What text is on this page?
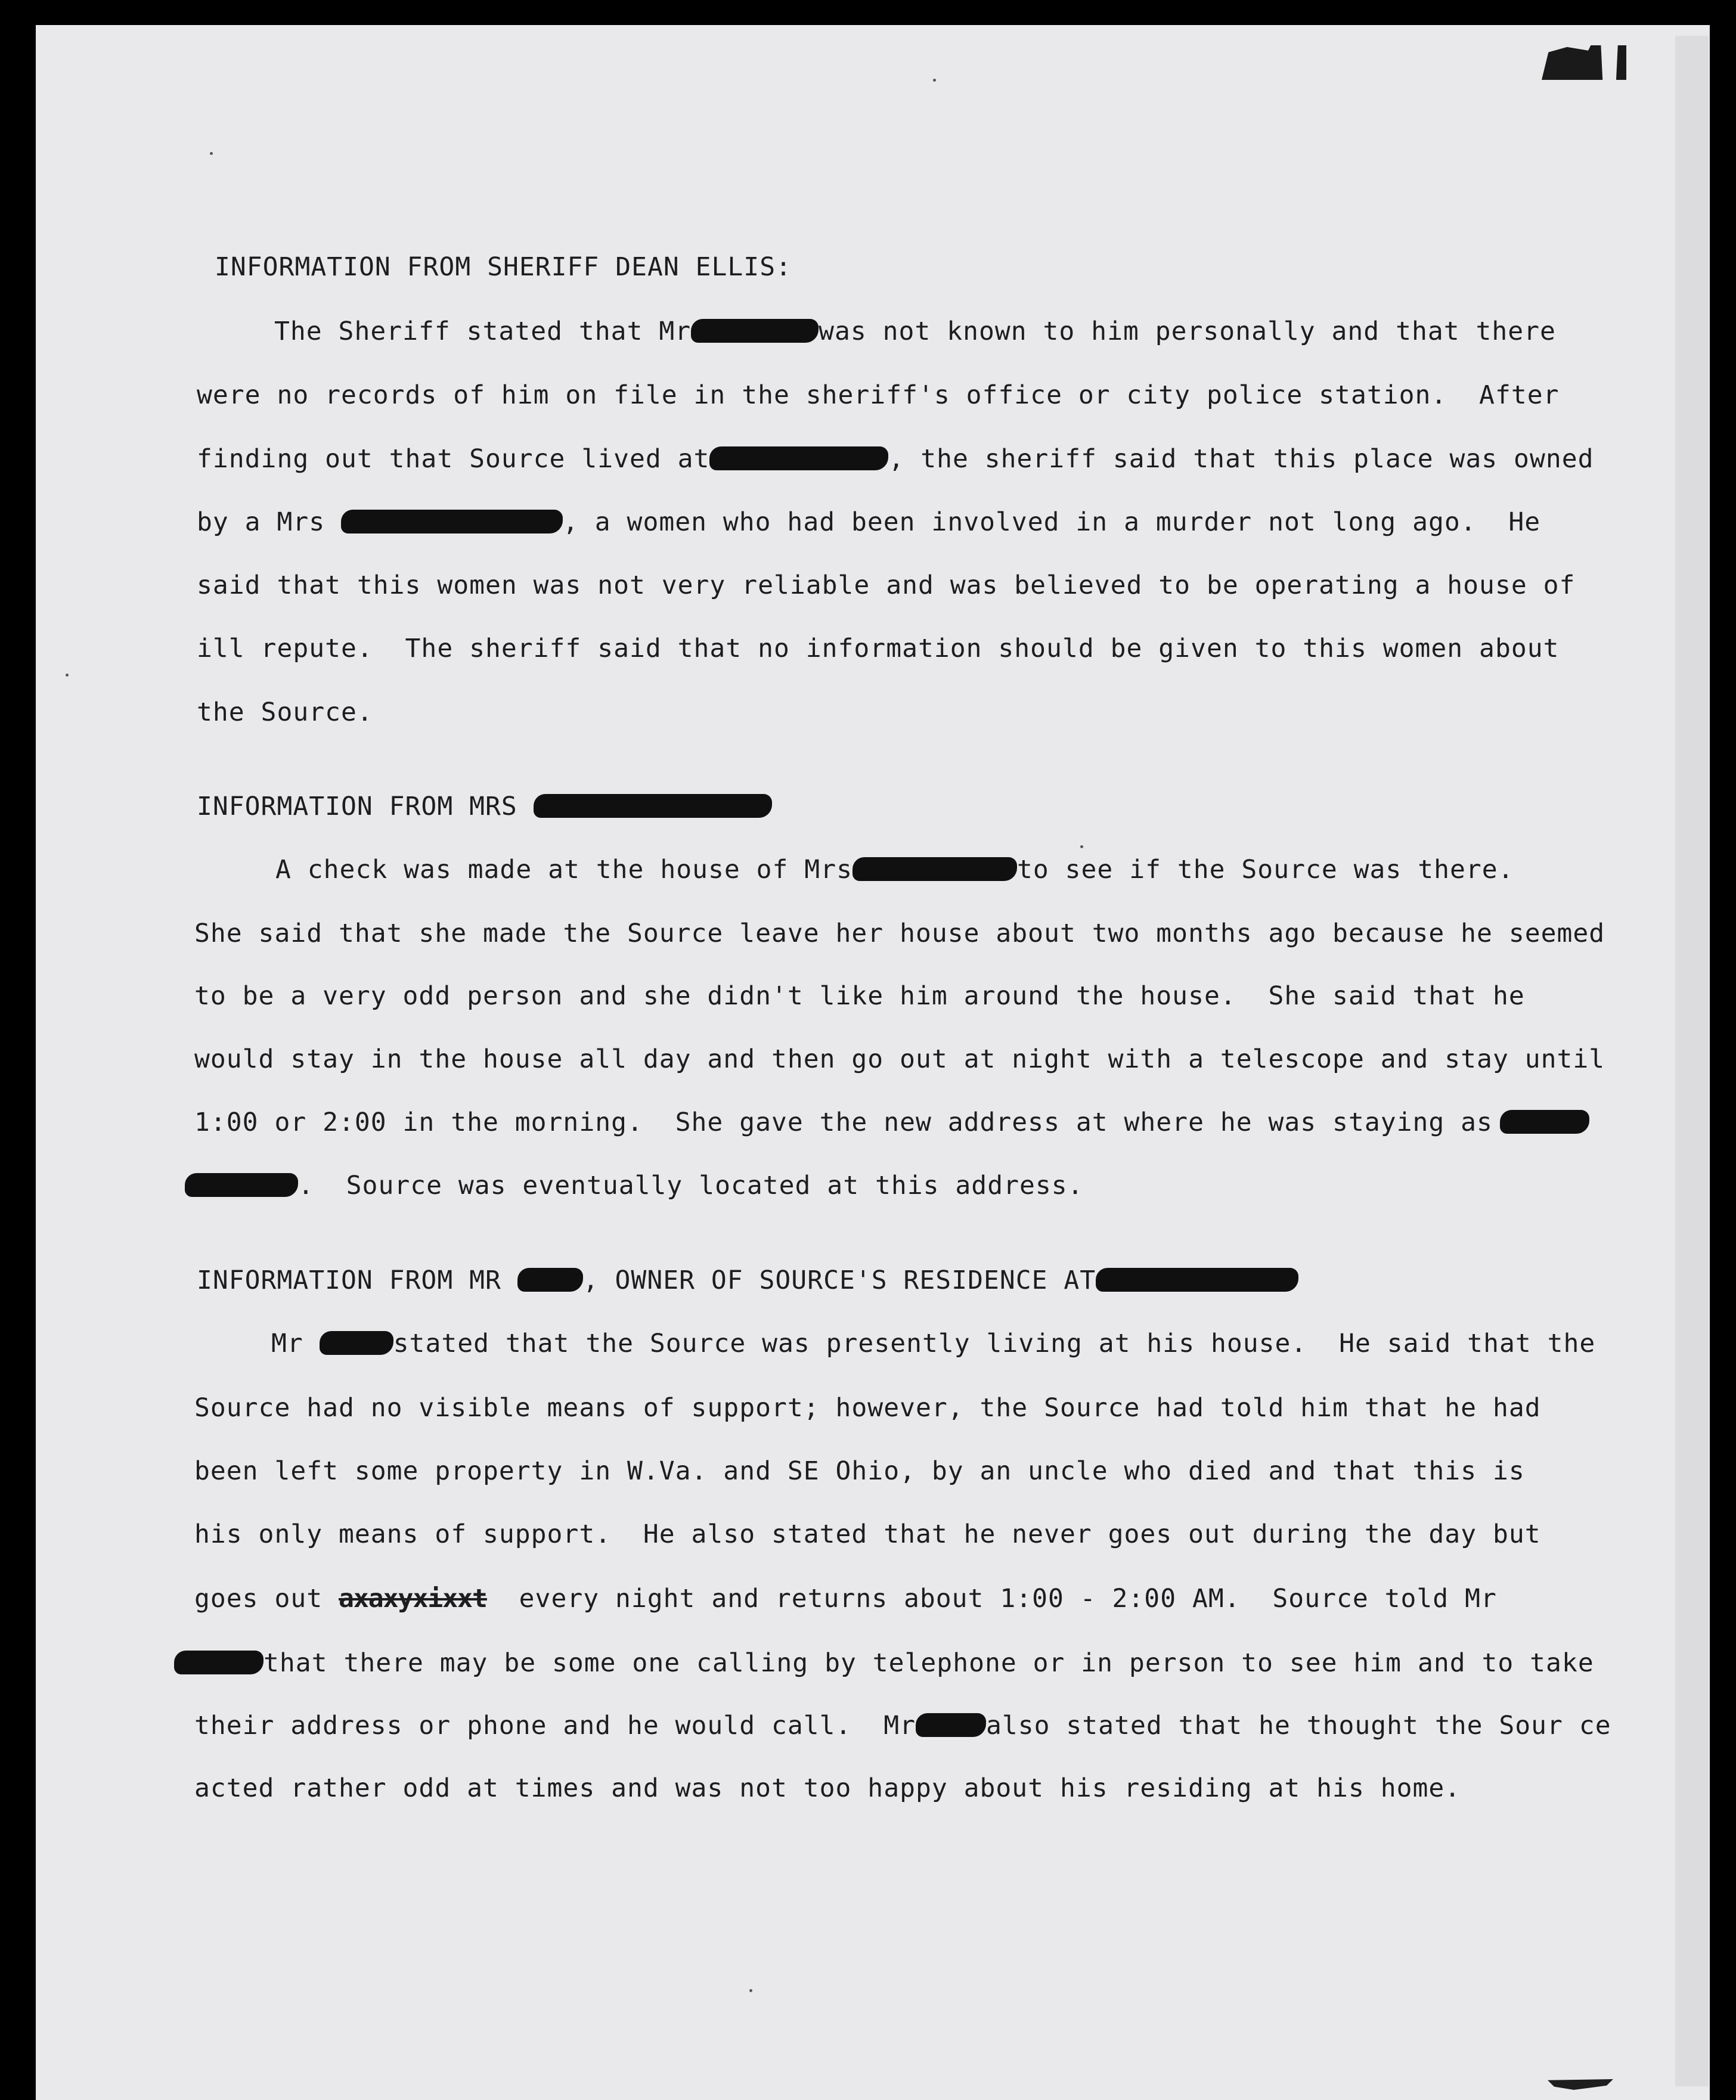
INFORMATION FROM SHERIFF DEAN ELLIS:
The Sheriff stated that Mr	was not known to him personally and that there
were no records of him on file in the sheriff's office or city police station.  After
finding out that Source lived at	, the sheriff said that this place was owned
by a Mrs	, a women who had been involved in a murder not long ago.  He
said that this women was not very reliable and was believed to be operating a house of
ill repute.  The sheriff said that no information should be given to this women about
the Source.
INFORMATION FROM MRS
A check was made at the house of Mrs	to see if the Source was there.
She said that she made the Source leave her house about two months ago because he seemed
to be a very odd person and she didn't like him around the house.  She said that he
would stay in the house all day and then go out at night with a telescope and stay until
1:00 or 2:00 in the morning.  She gave the new address at where he was staying as
.  Source was eventually located at this address.
INFORMATION FROM MR	, OWNER OF SOURCE'S RESIDENCE AT
Mr	stated that the Source was presently living at his house.  He said that the
Source had no visible means of support; however, the Source had told him that he had
been left some property in W.Va. and SE Ohio, by an uncle who died and that this is
his only means of support.  He also stated that he never goes out during the day but
goes out axaxyxixxt  every night and returns about 1:00 - 2:00 AM.  Source told Mr
that there may be some one calling by telephone or in person to see him and to take
their address or phone and he would call.  Mr	also stated that he thought the Sour ce
acted rather odd at times and was not too happy about his residing at his home.
